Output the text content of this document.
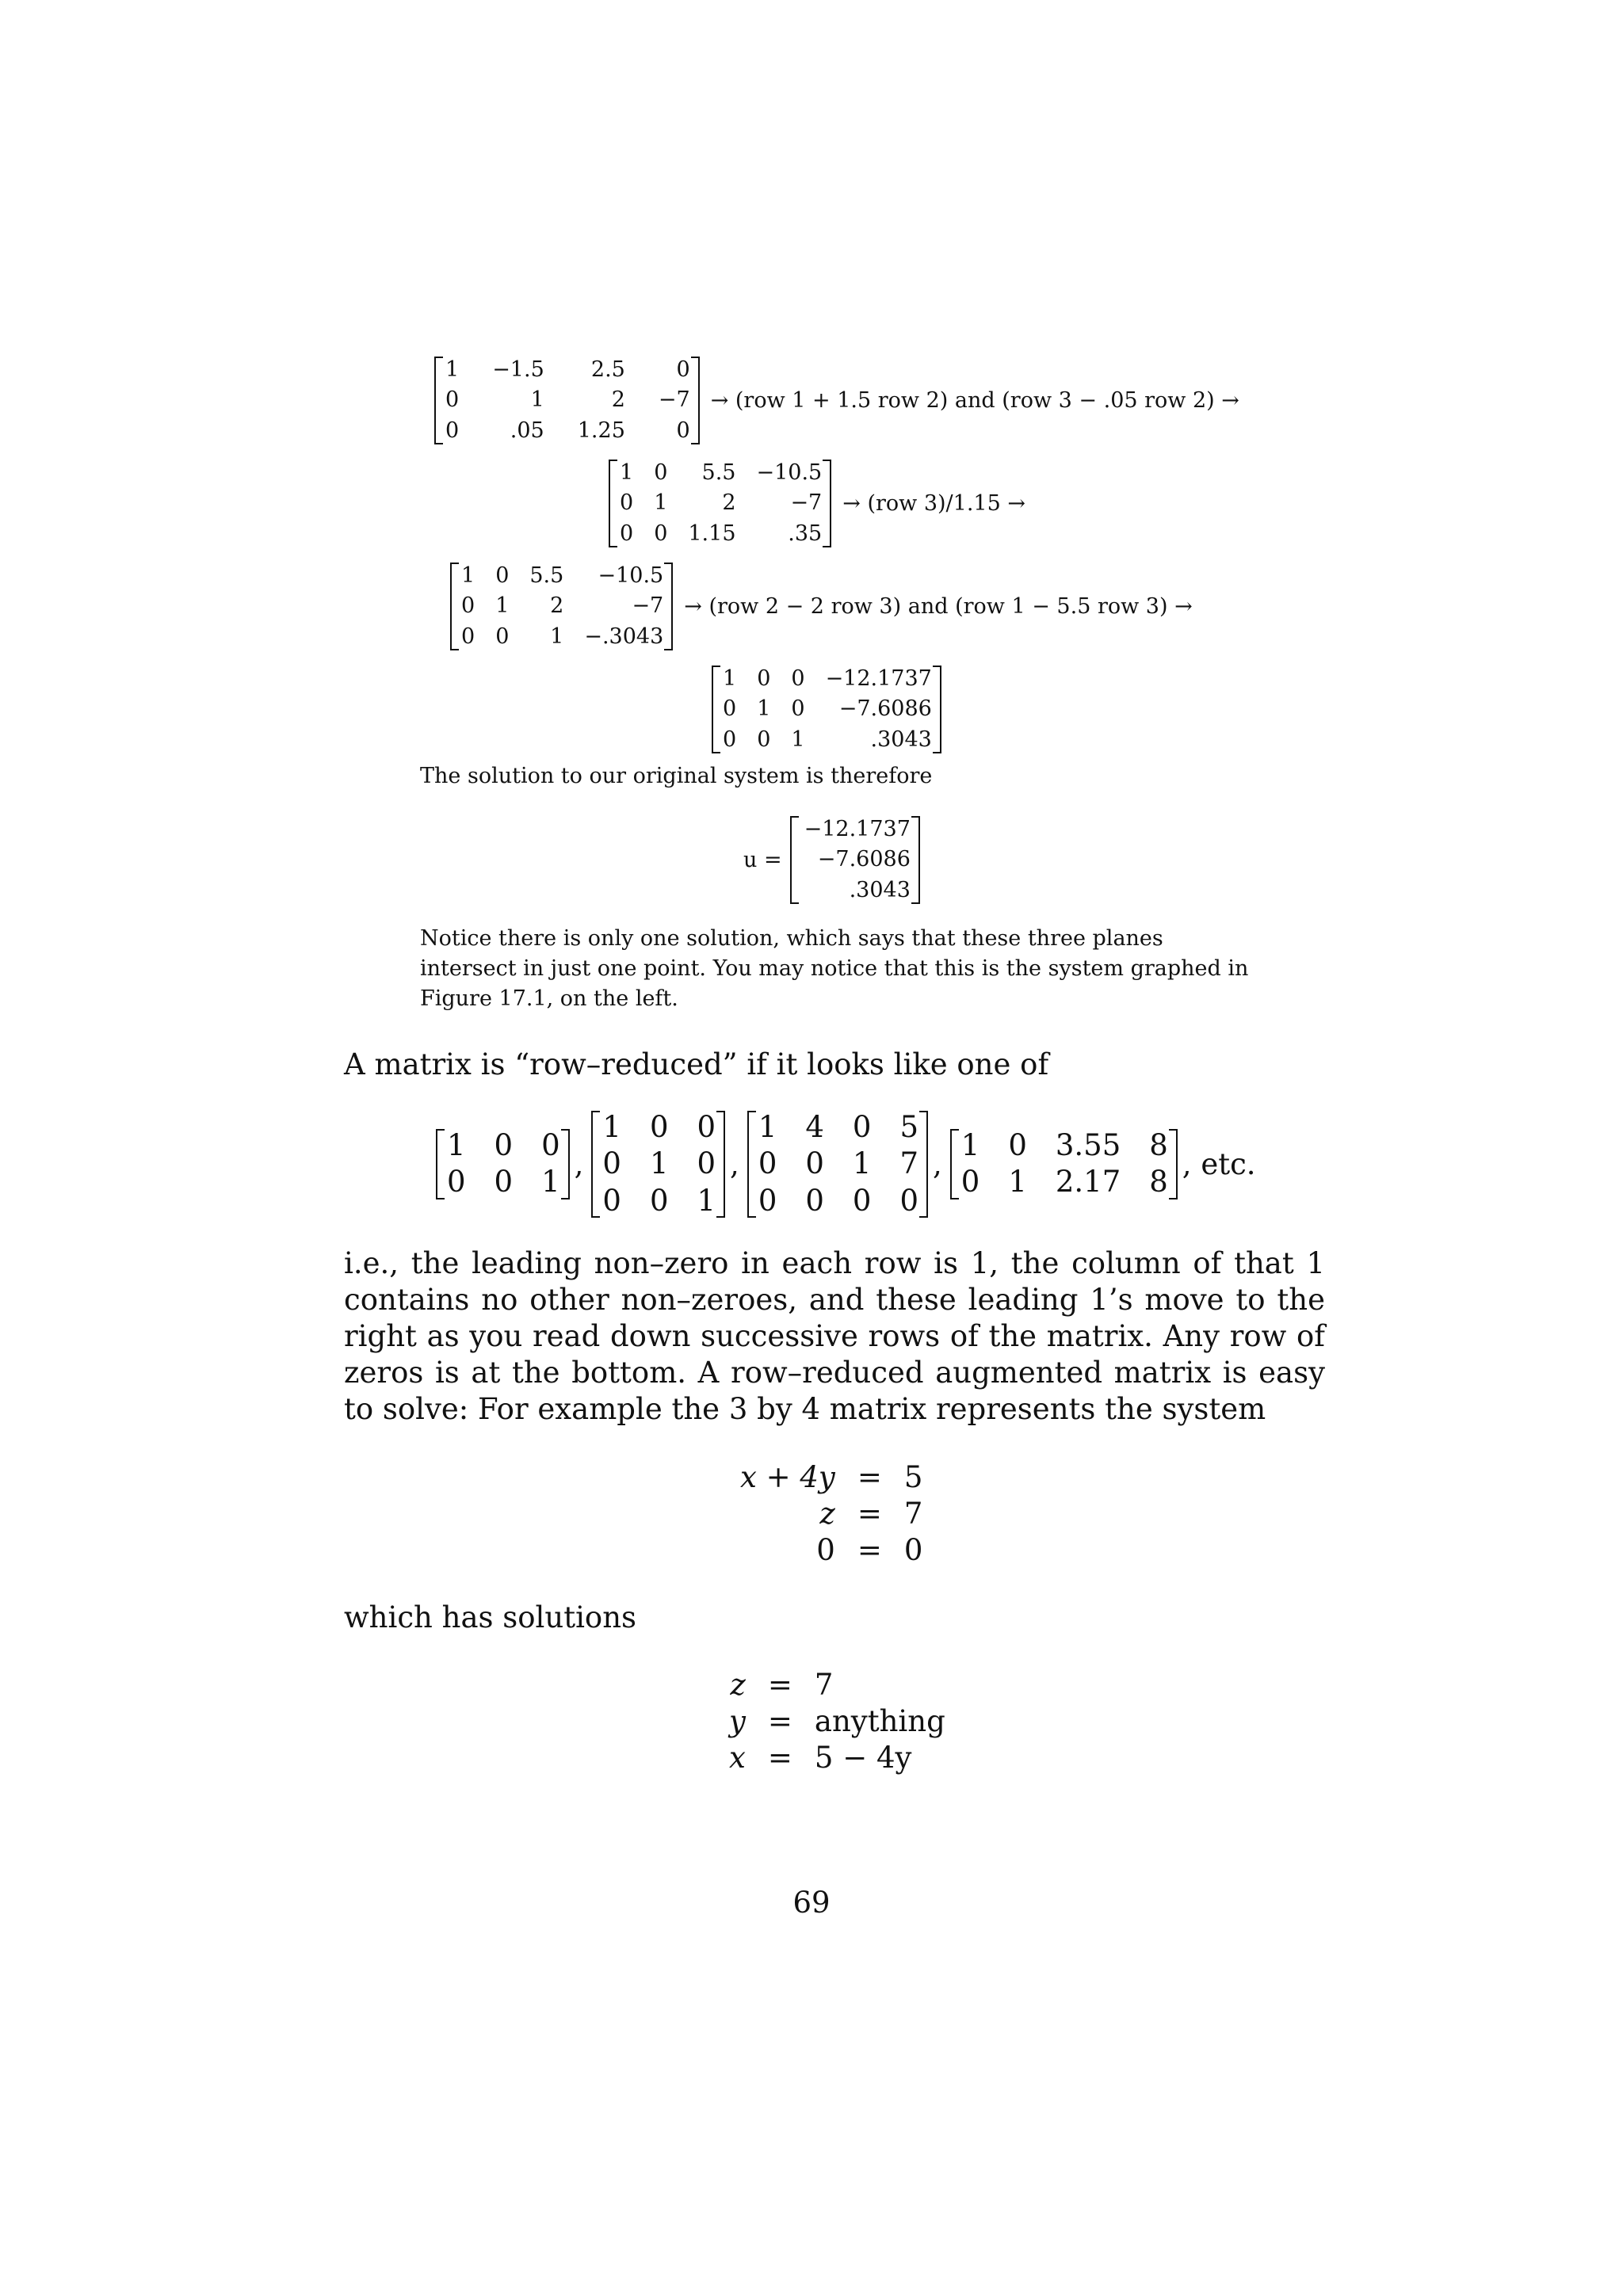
1	−1.5	2.5	0
0	1	2	−7
0	.05	1.25	0
→ (row 1 + 1.5 row 2) and (row 3 − .05 row 2) →
1	0	5.5	−10.5
0	1	2	−7
0	0	1.15	.35
→ (row 3)/1.15 →
1	0	5.5	−10.5
0	1	2	−7
0	0	1	−.3043
→ (row 2 − 2 row 3) and (row 1 − 5.5 row 3) →
1	0	0	−12.1737
0	1	0	−7.6086
0	0	1	.3043
The solution to our original system is therefore
u =
−12.1737
−7.6086
.3043
Notice there is only one solution, which says that these three planes intersect in just one point. You may notice that this is the system graphed in Figure 17.1, on the left.
A matrix is “row–reduced” if it looks like one of
1	0	0
0	0	1
,
1	0	0
0	1	0
0	0	1
,
1	4	0	5
0	0	1	7
0	0	0	0
,
1	0	3.55	8
0	1	2.17	8
, etc.

i.e., the leading non–zero in each row is 1, the column of that 1 contains no other non–zeroes, and these leading 1’s move to the right as you read down successive rows of the matrix. Any row of zeros is at the bottom. A row–reduced augmented matrix is easy to solve: For example the 3 by 4 matrix represents the system

x + 4y	=	5
z	=	7
0	=	0
which has solutions
z	=	7
y	=	anything
x	=	5 − 4y
69
